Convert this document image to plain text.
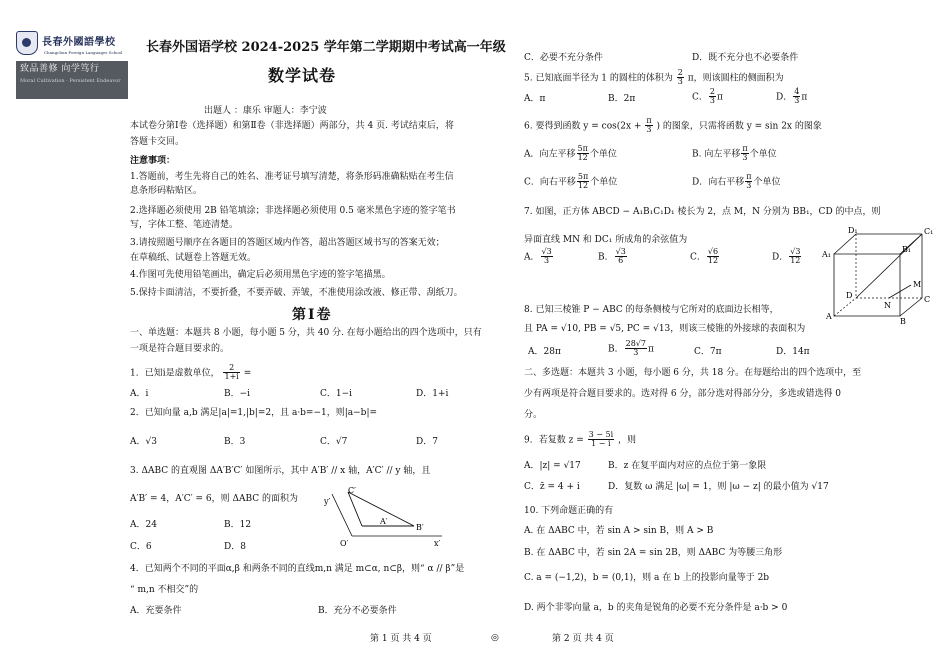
長春外國語學校
致品善修 向学笃行
Moral Cultivation · Persistent Endeavor
Changchun Foreign Languages School 长春外国语学校 2024-2025 学年第二学期期中考试高一年级
数学试卷
出题人 ：康乐 审题人：李宁波
本试卷分第Ⅰ卷（选择题）和第Ⅱ卷（非选择题）两部分，共 4 页. 考试结束后，将
答题卡交回。
注意事项：
1.答题前，考生先将自己的姓名、准考证号填写清楚，将条形码准确粘贴在考生信
息条形码粘贴区。
2.选择题必须使用 2B 铅笔填涂；非选择题必须使用 0.5 毫米黑色字迹的签字笔书
写，字体工整、笔迹清楚。
3.请按照题号顺序在各题目的答题区域内作答，超出答题区域书写的答案无效；
在草稿纸、试题卷上答题无效。
4.作图可先使用铅笔画出，确定后必须用黑色字迹的签字笔描黑。
5.保持卡面清洁，不要折叠，不要弄破、弄皱，不准使用涂改液、修正带、刮纸刀。
第Ⅰ卷
一、单选题：本题共 8 小题，每小题 5 分，共 40 分. 在每小题给出的四个选项中，只有
一项是符合题目要求的。
1．已知i是虚数单位， $\frac{2}{1+i}$ =
A．i	B．−i	C．1−i	D．1+i
2．已知向量 a,b 满足|a|=1,|b|=2，且 a·b=−1，则|a−b|=
A．√3	B．3	C．√7	D．7
3. ΔABC 的直观图 ΔA′B′C′ 如图所示，其中 A′B′ // x 轴，A′C′ // y 轴，且
A′B′ = 4，A′C′ = 6，则 ΔABC 的面积为
A．24	B．12
C．6	D．8
C′
A′
B′
O′	x′
y′
4．已知两个不同的平面α,β 和两条不同的直线m,n 满足 m⊂α, n⊂β，则“ α // β”是
“ m,n 不相交”的
A．充要条件	B．充分不必要条件
C．必要不充分条件	D．既不充分也不必要条件
5. 已知底面半径为 1 的圆柱的体积为 $\frac{2}{3}$ π，则该圆柱的侧面积为
A．π	B．2π	C． $\frac{2}{3}$ π	D． $\frac{4}{3}$ π
6. 要得到函数 $y = \cos(2x + \frac{\pi}{3}$ ) 的图象，只需将函数 y = sin 2x 的图象
A．向左平移 $\frac{5\pi}{12}$ 个单位	B. 向左平移 $\frac{\pi}{3}$ 个单位
C．向右平移 $\frac{5\pi}{12}$ 个单位	D．向右平移 $\frac{\pi}{3}$ 个单位
7. 如图，正方体 ABCD − A₁B₁C₁D₁ 棱长为 2，点 M，N 分别为 BB₁，CD 的中点，则
异面直线 MN 和 DC₁ 所成角的余弦值为
A． $\frac{√3}{3}$	B． $\frac{√3}{6}$	C． $\frac{√6}{12}$	D． $\frac{√3}{12}$	A₁
D₁	C₁
B₁
D	C
A
B
M
N
8. 已知三棱锥 P − ABC 的每条侧棱与它所对的底面边长相等，
且 PA = √10, PB = √5, PC = √13，则该三棱锥的外接球的表面积为
A．28π	B． $\frac{28√7}{3}$ π	C．7π	D．14π
二、多选题：本题共 3 小题，每小题 6 分，共 18 分。在每题给出的四个选项中，至
少有两项是符合题目要求的。选对得 6 分，部分选对得部分分，多选或错选得 0
分。
9．若复数 $z = \frac{3 - 5i}{1 - i}$ ，则
A．|z| = √17	B．z 在复平面内对应的点位于第一象限
C．z̄ = 4 + i	D．复数 ω 满足 |ω| = 1，则 |ω − z| 的最小值为 √17
10. 下列命题正确的有
A. 在 ΔABC 中，若 sin A > sin B，则 A > B
B. 在 ΔABC 中，若 sin 2A = sin 2B，则 ΔABC 为等腰三角形
C. a = (−1,2)，b = (0,1)，则 a 在 b 上的投影向量等于 2b
D. 两个非零向量 a，b 的夹角是锐角的必要不充分条件是 a·b > 0
第 1 页 共 4 页	◎	第 2 页 共 4 页
